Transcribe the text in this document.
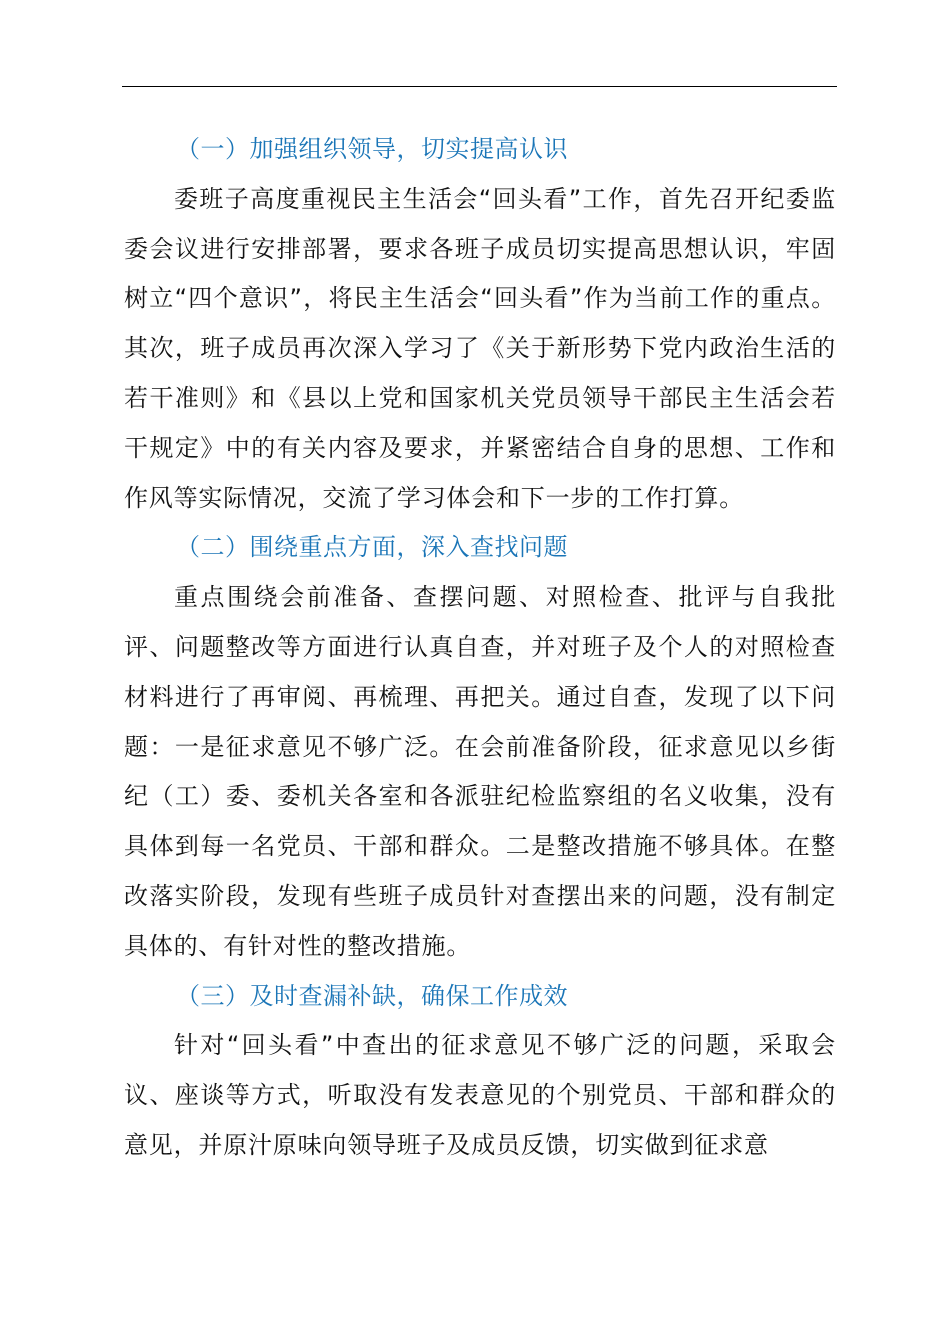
（一）加强组织领导，切实提高认识

委班子高度重视民主生活会“回头看”工作，首先召开纪委监委会议进行安排部署，要求各班子成员切实提高思想认识，牢固树立“四个意识”，将民主生活会“回头看”作为当前工作的重点。其次，班子成员再次深入学习了《关于新形势下党内政治生活的若干准则》和《县以上党和国家机关党员领导干部民主生活会若干规定》中的有关内容及要求，并紧密结合自身的思想、工作和作风等实际情况，交流了学习体会和下一步的工作打算。

（二）围绕重点方面，深入查找问题

重点围绕会前准备、查摆问题、对照检查、批评与自我批评、问题整改等方面进行认真自查，并对班子及个人的对照检查材料进行了再审阅、再梳理、再把关。通过自查，发现了以下问题：一是征求意见不够广泛。在会前准备阶段，征求意见以乡街纪（工）委、委机关各室和各派驻纪检监察组的名义收集，没有具体到每一名党员、干部和群众。二是整改措施不够具体。在整改落实阶段，发现有些班子成员针对查摆出来的问题，没有制定具体的、有针对性的整改措施。

（三）及时查漏补缺，确保工作成效

针对“回头看”中查出的征求意见不够广泛的问题，采取会议、座谈等方式，听取没有发表意见的个别党员、干部和群众的意见，并原汁原味向领导班子及成员反馈，切实做到征求意
